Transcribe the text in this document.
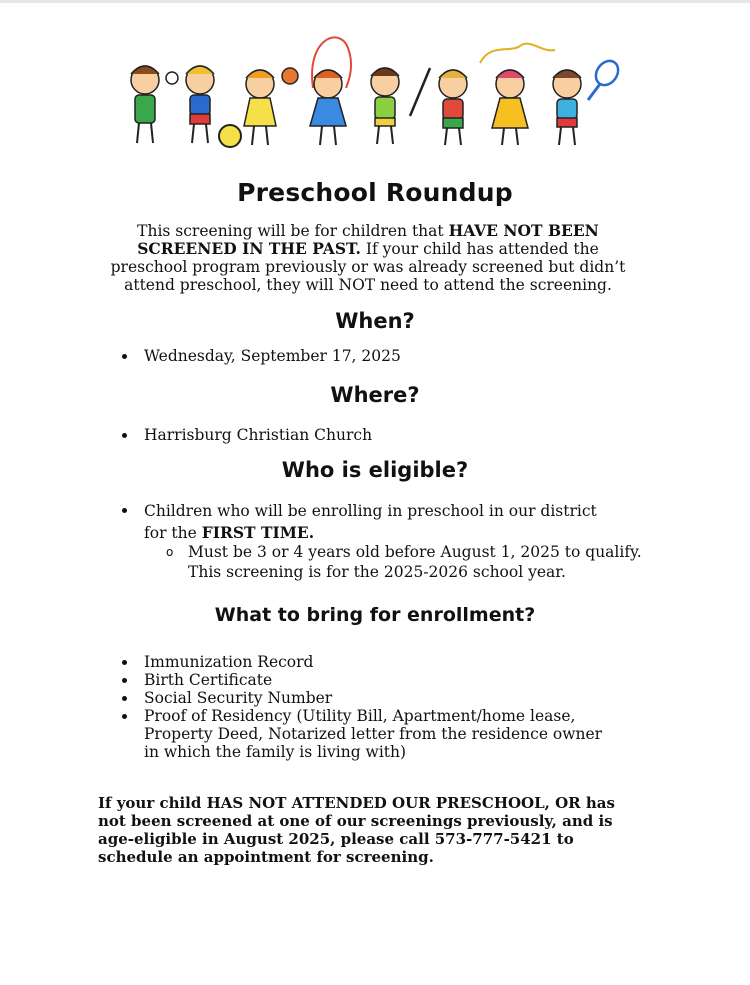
Preschool Roundup
This screening will be for children that HAVE NOT BEEN SCREENED IN THE PAST. If your child has attended the preschool program previously or was already screened but didn’t attend preschool, they will NOT need to attend the screening.
When?
Wednesday, September 17, 2025
Where?
Harrisburg Christian Church
Who is eligible?
Children who will be enrolling in preschool in our district for the FIRST TIME.
o Must be 3 or 4 years old before August 1, 2025 to qualify. This screening is for the 2025-2026 school year.
What to bring for enrollment?
Immunization Record
Birth Certificate
Social Security Number
Proof of Residency (Utility Bill, Apartment/home lease, Property Deed, Notarized letter from the residence owner in which the family is living with)
If your child HAS NOT ATTENDED OUR PRESCHOOL, OR has not been screened at one of our screenings previously, and is age-eligible in August 2025, please call 573-777-5421 to schedule an appointment for screening.
